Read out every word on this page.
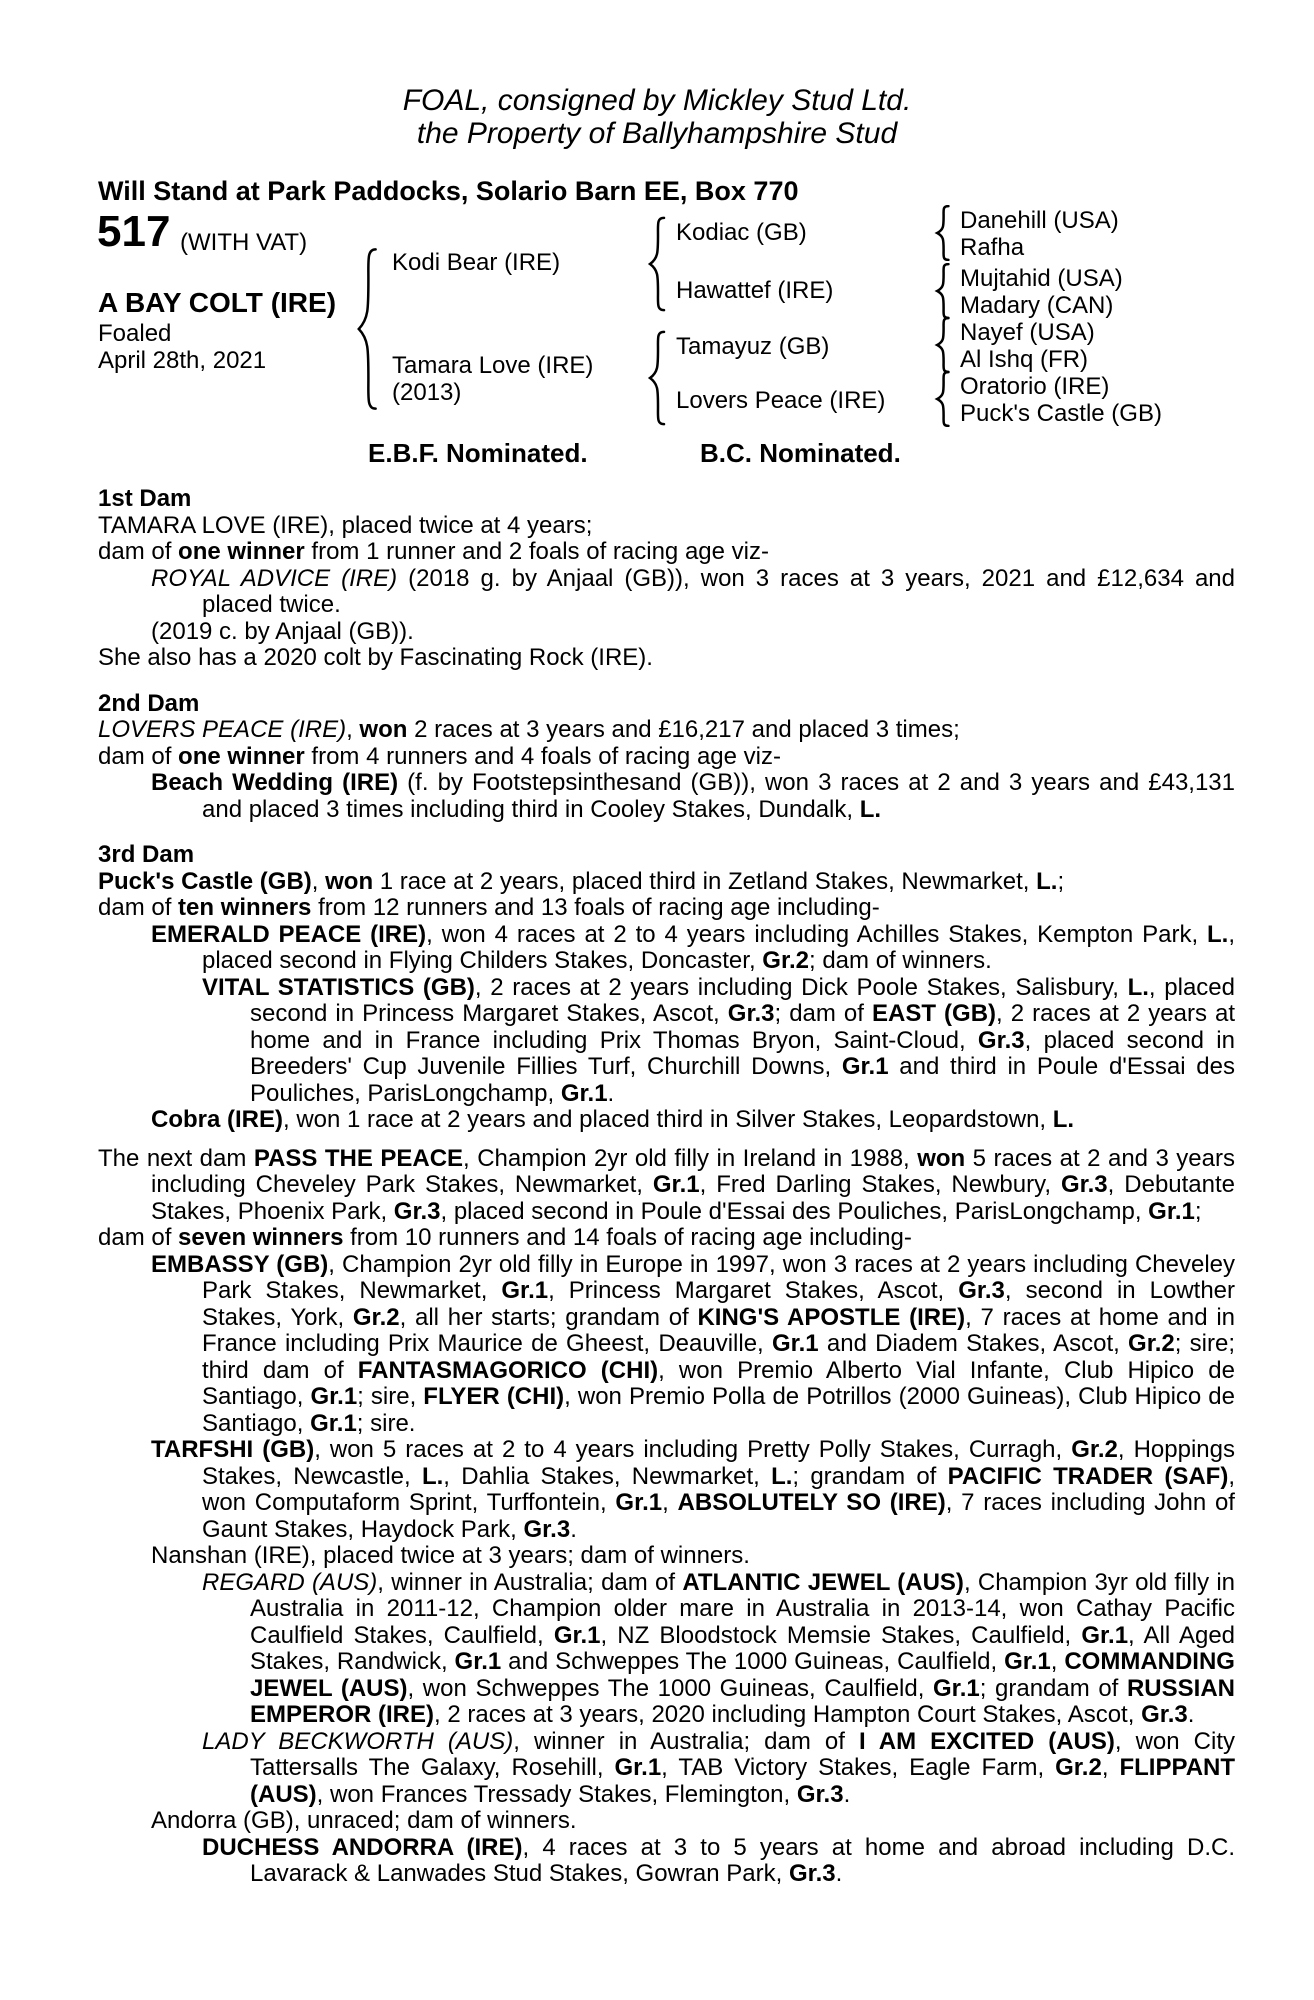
FOAL, consigned by Mickley Stud Ltd.
the Property of Ballyhampshire Stud
Will Stand at Park Paddocks, Solario Barn EE, Box 770
517 (WITH VAT)
A BAY COLT (IRE)
Foaled
April 28th, 2021
Kodi Bear (IRE)
Tamara Love (IRE)
(2013)
Kodiac (GB)
Hawattef (IRE)
Tamayuz (GB)
Lovers Peace (IRE)
Danehill (USA)
Rafha
Mujtahid (USA)
Madary (CAN)
Nayef (USA)
Al Ishq (FR)
Oratorio (IRE)
Puck's Castle (GB)
E.B.F. Nominated.	B.C. Nominated.
1st Dam

TAMARA LOVE (IRE), placed twice at 4 years;

dam of one winner from 1 runner and 2 foals of racing age viz-

ROYAL ADVICE (IRE) (2018 g. by Anjaal (GB)), won 3 races at 3 years, 2021 and £12,634 and placed twice.

(2019 c. by Anjaal (GB)).

She also has a 2020 colt by Fascinating Rock (IRE).

2nd Dam

LOVERS PEACE (IRE), won 2 races at 3 years and £16,217 and placed 3 times;

dam of one winner from 4 runners and 4 foals of racing age viz-

Beach Wedding (IRE) (f. by Footstepsinthesand (GB)), won 3 races at 2 and 3 years and £43,131 and placed 3 times including third in Cooley Stakes, Dundalk, L.

3rd Dam

Puck's Castle (GB), won 1 race at 2 years, placed third in Zetland Stakes, Newmarket, L.;

dam of ten winners from 12 runners and 13 foals of racing age including-

EMERALD PEACE (IRE), won 4 races at 2 to 4 years including Achilles Stakes, Kempton Park, L., placed second in Flying Childers Stakes, Doncaster, Gr.2; dam of winners.

VITAL STATISTICS (GB), 2 races at 2 years including Dick Poole Stakes, Salisbury, L., placed second in Princess Margaret Stakes, Ascot, Gr.3; dam of EAST (GB), 2 races at 2 years at home and in France including Prix Thomas Bryon, Saint-Cloud, Gr.3, placed second in Breeders' Cup Juvenile Fillies Turf, Churchill Downs, Gr.1 and third in Poule d'Essai des Pouliches, ParisLongchamp, Gr.1.

Cobra (IRE), won 1 race at 2 years and placed third in Silver Stakes, Leopardstown, L.

The next dam PASS THE PEACE, Champion 2yr old filly in Ireland in 1988, won 5 races at 2 and 3 years including Cheveley Park Stakes, Newmarket, Gr.1, Fred Darling Stakes, Newbury, Gr.3, Debutante Stakes, Phoenix Park, Gr.3, placed second in Poule d'Essai des Pouliches, ParisLongchamp, Gr.1;

dam of seven winners from 10 runners and 14 foals of racing age including-

EMBASSY (GB), Champion 2yr old filly in Europe in 1997, won 3 races at 2 years including Cheveley Park Stakes, Newmarket, Gr.1, Princess Margaret Stakes, Ascot, Gr.3, second in Lowther Stakes, York, Gr.2, all her starts; grandam of KING'S APOSTLE (IRE), 7 races at home and in France including Prix Maurice de Gheest, Deauville, Gr.1 and Diadem Stakes, Ascot, Gr.2; sire; third dam of FANTASMAGORICO (CHI), won Premio Alberto Vial Infante, Club Hipico de Santiago, Gr.1; sire, FLYER (CHI), won Premio Polla de Potrillos (2000 Guineas), Club Hipico de Santiago, Gr.1; sire.

TARFSHI (GB), won 5 races at 2 to 4 years including Pretty Polly Stakes, Curragh, Gr.2, Hoppings Stakes, Newcastle, L., Dahlia Stakes, Newmarket, L.; grandam of PACIFIC TRADER (SAF), won Computaform Sprint, Turffontein, Gr.1, ABSOLUTELY SO (IRE), 7 races including John of Gaunt Stakes, Haydock Park, Gr.3.

Nanshan (IRE), placed twice at 3 years; dam of winners.

REGARD (AUS), winner in Australia; dam of ATLANTIC JEWEL (AUS), Champion 3yr old filly in Australia in 2011-12, Champion older mare in Australia in 2013-14, won Cathay Pacific Caulfield Stakes, Caulfield, Gr.1, NZ Bloodstock Memsie Stakes, Caulfield, Gr.1, All Aged Stakes, Randwick, Gr.1 and Schweppes The 1000 Guineas, Caulfield, Gr.1, COMMANDING JEWEL (AUS), won Schweppes The 1000 Guineas, Caulfield, Gr.1; grandam of RUSSIAN EMPEROR (IRE), 2 races at 3 years, 2020 including Hampton Court Stakes, Ascot, Gr.3.

LADY BECKWORTH (AUS), winner in Australia; dam of I AM EXCITED (AUS), won City Tattersalls The Galaxy, Rosehill, Gr.1, TAB Victory Stakes, Eagle Farm, Gr.2, FLIPPANT (AUS), won Frances Tressady Stakes, Flemington, Gr.3.

Andorra (GB), unraced; dam of winners.

DUCHESS ANDORRA (IRE), 4 races at 3 to 5 years at home and abroad including D.C. Lavarack & Lanwades Stud Stakes, Gowran Park, Gr.3.
